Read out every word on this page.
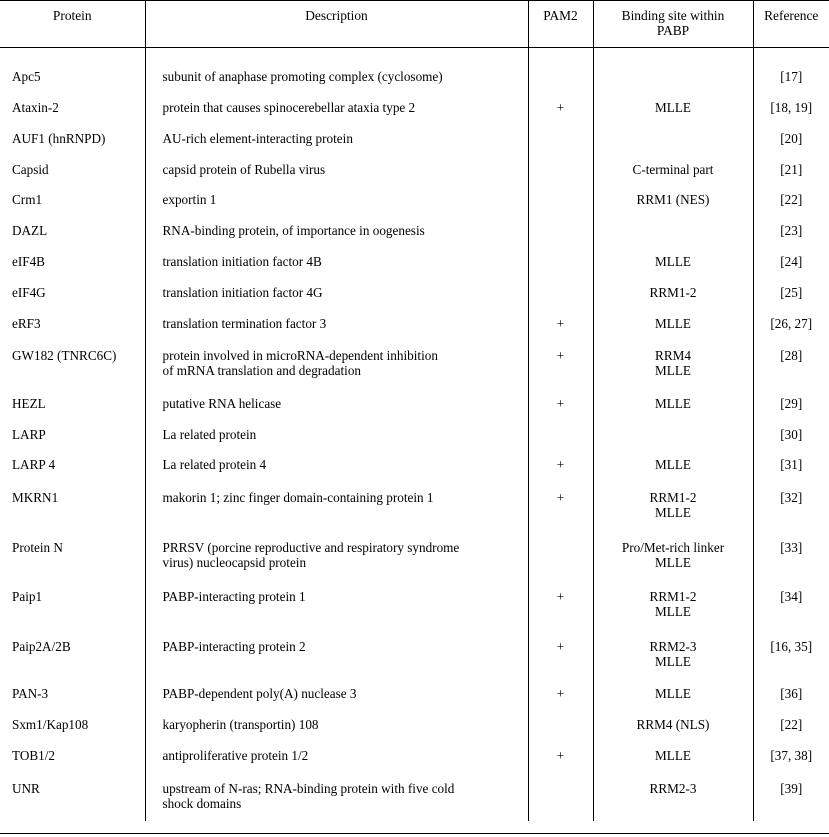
Protein	Description	PAM2	Binding site within
PABP	Reference

Apc5	subunit of anaphase promoting complex (cyclosome)			[17]

Ataxin-2	protein that causes spinocerebellar ataxia type 2	+	MLLE	[18, 19]

AUF1 (hnRNPD)	AU-rich element-interacting protein			[20]

Capsid	capsid protein of Rubella virus		C-terminal part	[21]

Crm1	exportin 1		RRM1 (NES)	[22]

DAZL	RNA-binding protein, of importance in oogenesis			[23]

eIF4B	translation initiation factor 4B		MLLE	[24]

eIF4G	translation initiation factor 4G		RRM1-2	[25]

eRF3	translation termination factor 3	+	MLLE	[26, 27]

GW182 (TNRC6C)	protein involved in microRNA-dependent inhibition
of mRNA translation and degradation	+	RRM4
MLLE	[28]

HEZL	putative RNA helicase	+	MLLE	[29]

LARP	La related protein			[30]

LARP 4	La related protein 4	+	MLLE	[31]

MKRN1	makorin 1; zinc finger domain-containing protein 1	+	RRM1-2
MLLE	[32]

Protein N	PRRSV (porcine reproductive and respiratory syndrome
virus) nucleocapsid protein		Pro/Met-rich linker
MLLE	[33]

Paip1	PABP-interacting protein 1	+	RRM1-2
MLLE	[34]

Paip2A/2B	PABP-interacting protein 2	+	RRM2-3
MLLE	[16, 35]

PAN-3	PABP-dependent poly(A) nuclease 3	+	MLLE	[36]

Sxm1/Kap108	karyopherin (transportin) 108		RRM4 (NLS)	[22]

TOB1/2	antiproliferative protein 1/2	+	MLLE	[37, 38]

UNR	upstream of N-ras; RNA-binding protein with five cold
shock domains		RRM2-3	[39]
